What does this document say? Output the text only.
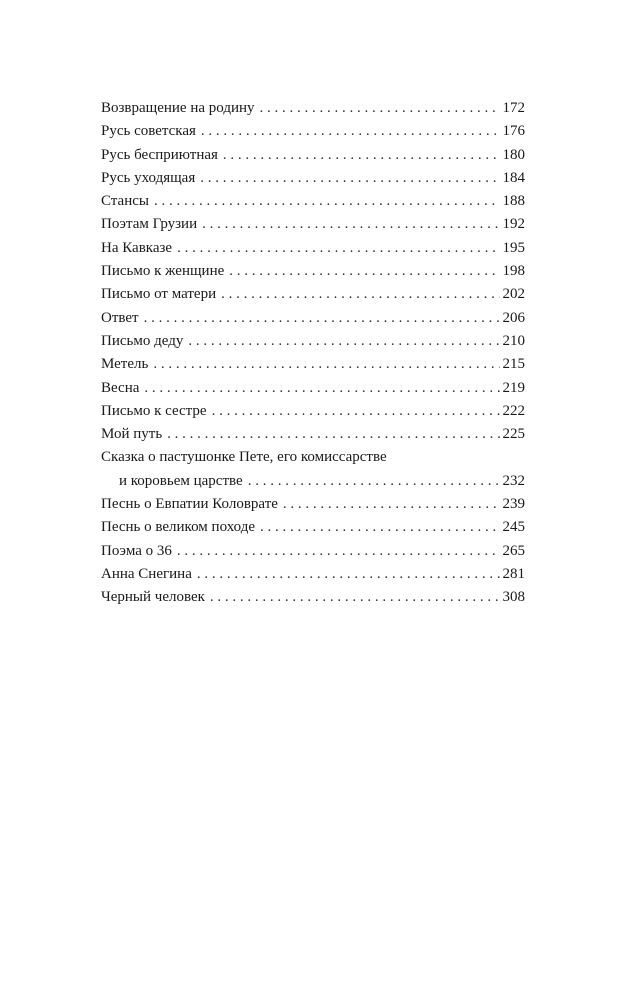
Возвращение на родину . . .	172
Русь советская . . .	176
Русь бесприютная . . .	180
Русь уходящая . . .	184
Стансы . . .	188
Поэтам Грузии . . .	192
На Кавказе . . .	195
Письмо к женщине . . .	198
Письмо от матери . . .	202
Ответ . . .	206
Письмо деду . . .	210
Метель . . .	215
Весна . . .	219
Письмо к сестре . . .	222
Мой путь . . .	225
Сказка о пастушонке Пете, его комиссарстве
и коровьем царстве . . .	232
Песнь о Евпатии Коловрате . . .	239
Песнь о великом походе . . .	245
Поэма о 36 . . .	265
Анна Снегина . . .	281
Черный человек . . .	308
